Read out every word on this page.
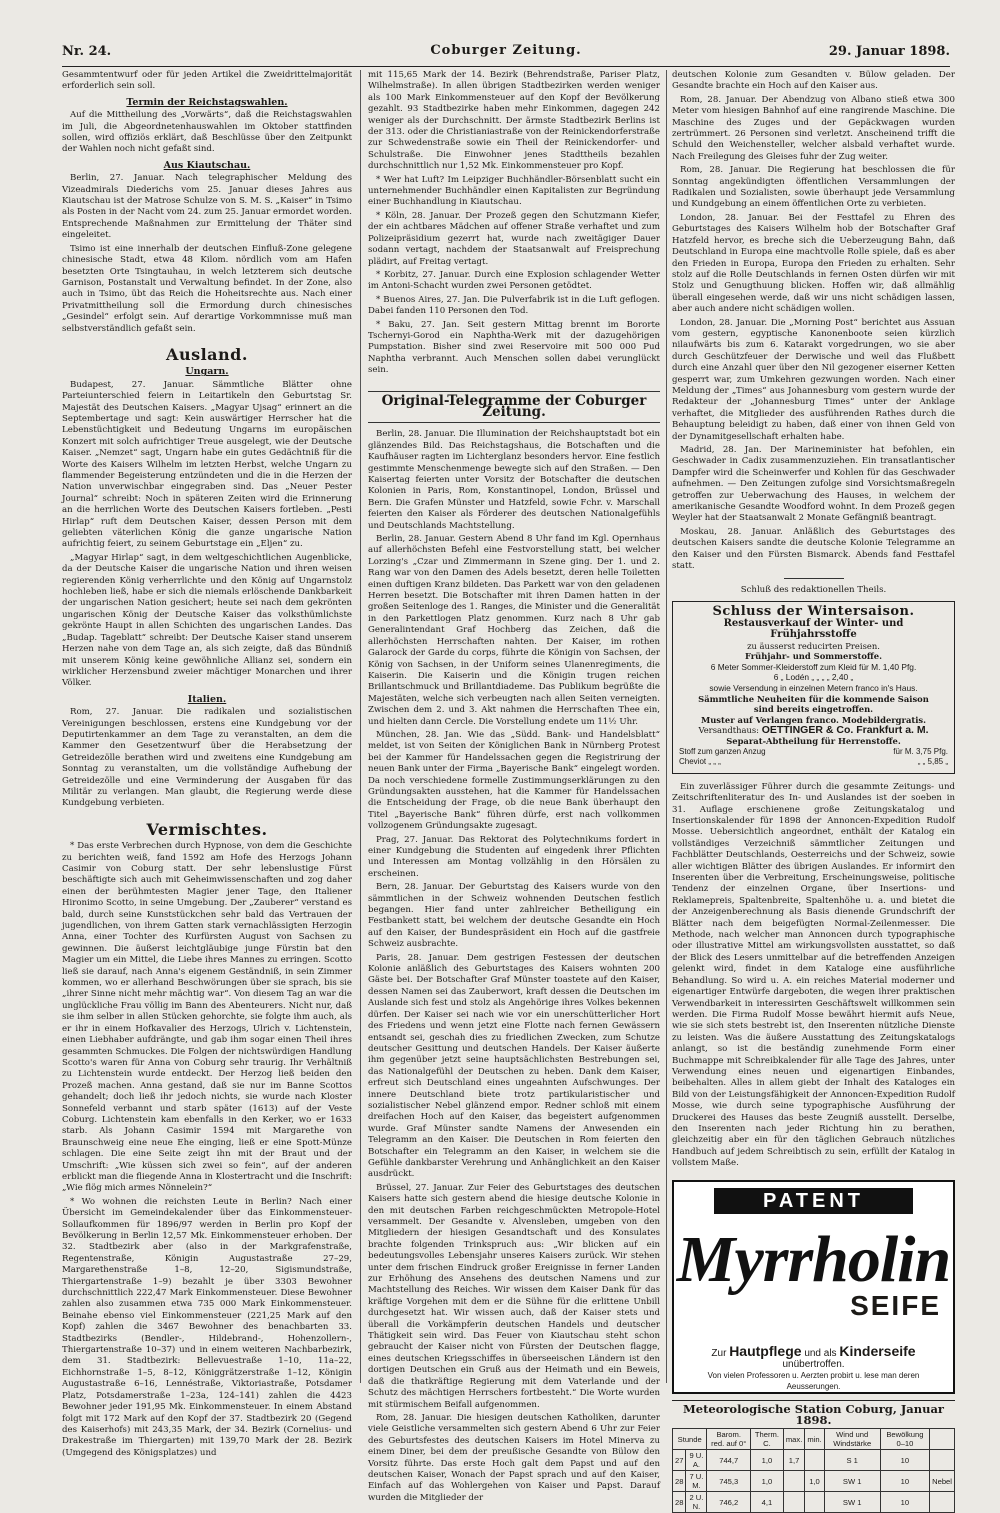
Nr. 24.	Coburger Zeitung.	29. Januar 1898.

Gesammtentwurf oder für jeden Artikel die Zweidrittelmajorität erforderlich sein soll.

Termin der Reichstagswahlen.

Auf die Mittheilung des „Vorwärts“, daß die Reichstagswahlen im Juli, die Abgeordnetenhauswahlen im Oktober stattfinden sollen, wird offiziös erklärt, daß Beschlüsse über den Zeitpunkt der Wahlen noch nicht gefaßt sind.

Aus Kiautschau.

Berlin, 27. Januar. Nach telegraphischer Meldung des Vizeadmirals Diederichs vom 25. Januar dieses Jahres aus Kiautschau ist der Matrose Schulze von S. M. S. „Kaiser“ in Tsimo als Posten in der Nacht vom 24. zum 25. Januar ermordet worden. Entsprechende Maßnahmen zur Ermittelung der Thäter sind eingeleitet.

Tsimo ist eine innerhalb der deutschen Einfluß-Zone gelegene chinesische Stadt, etwa 48 Kilom. nördlich vom am Hafen besetzten Orte Tsingtauhau, in welch letzterem sich deutsche Garnison, Postanstalt und Verwaltung befindet. In der Zone, also auch in Tsimo, übt das Reich die Hoheitsrechte aus. Nach einer Privatmittheilung soll die Ermordung durch chinesisches „Gesindel“ erfolgt sein. Auf derartige Vorkommnisse muß man selbstverständlich gefaßt sein.

Ausland.
Ungarn.

Budapest, 27. Januar. Sämmtliche Blätter ohne Parteiunterschied feiern in Leitartikeln den Geburtstag Sr. Majestät des Deutschen Kaisers. „Magyar Ujsag“ erinnert an die Septembertage und sagt: Kein auswärtiger Herrscher hat die Lebenstüchtigkeit und Bedeutung Ungarns im europäischen Konzert mit solch aufrichtiger Treue ausgelegt, wie der Deutsche Kaiser. „Nemzet“ sagt, Ungarn habe ein gutes Gedächtniß für die Worte des Kaisers Wilhelm im letzten Herbst, welche Ungarn zu flammender Begeisterung entzündeten und die in die Herzen der Nation unverwischbar eingegraben sind. Das „Neuer Pester Journal“ schreibt: Noch in späteren Zeiten wird die Erinnerung an die herrlichen Worte des Deutschen Kaisers fortleben. „Pesti Hirlap“ ruft dem Deutschen Kaiser, dessen Person mit dem geliebten väterlichen König die ganze ungarische Nation aufrichtig feiert, zu seinem Geburtstage ein „Eljen“ zu.

„Magyar Hirlap“ sagt, in dem weltgeschichtlichen Augenblicke, da der Deutsche Kaiser die ungarische Nation und ihren weisen regierenden König verherrlichte und den König auf Ungarnstolz hochleben ließ, habe er sich die niemals erlöschende Dankbarkeit der ungarischen Nation gesichert; heute sei nach dem gekrönten ungarischen König der Deutsche Kaiser das volksthümlichste gekrönte Haupt in allen Schichten des ungarischen Landes. Das „Budap. Tageblatt“ schreibt: Der Deutsche Kaiser stand unserem Herzen nahe von dem Tage an, als sich zeigte, daß das Bündniß mit unserem König keine gewöhnliche Allianz sei, sondern ein wirklicher Herzensbund zweier mächtiger Monarchen und ihrer Völker.

Italien.

Rom, 27. Januar. Die radikalen und sozialistischen Vereinigungen beschlossen, erstens eine Kundgebung vor der Deputirtenkammer an dem Tage zu veranstalten, an dem die Kammer den Gesetzentwurf über die Herabsetzung der Getreidezölle berathen wird und zweitens eine Kundgebung am Sonntag zu veranstalten, um die vollständige Aufhebung der Getreidezölle und eine Verminderung der Ausgaben für das Militär zu verlangen. Man glaubt, die Regierung werde diese Kundgebung verbieten.

Vermischtes.

* Das erste Verbrechen durch Hypnose, von dem die Geschichte zu berichten weiß, fand 1592 am Hofe des Herzogs Johann Casimir von Coburg statt. Der sehr lebenslustige Fürst beschäftigte sich auch mit Geheimwissenschaften und zog daher einen der berühmtesten Magier jener Tage, den Italiener Hironimo Scotto, in seine Umgebung. Der „Zauberer“ verstand es bald, durch seine Kunststückchen sehr bald das Vertrauen der jugendlichen, von ihrem Gatten stark vernachlässigten Herzogin Anna, einer Tochter des Kurfürsten August von Sachsen zu gewinnen. Die äußerst leichtgläubige junge Fürstin bat den Magier um ein Mittel, die Liebe ihres Mannes zu erringen. Scotto ließ sie darauf, nach Anna's eigenem Geständniß, in sein Zimmer kommen, wo er allerhand Beschwörungen über sie sprach, bis sie „ihrer Sinne nicht mehr mächtig war“. Von diesem Tag an war die unglückliche Frau völlig im Bann des Abenteurers. Nicht nur, daß sie ihm selber in allen Stücken gehorchte, sie folgte ihm auch, als er ihr in einem Hofkavalier des Herzogs, Ulrich v. Lichtenstein, einen Liebhaber aufdrängte, und gab ihm sogar einen Theil ihres gesammten Schmuckes. Die Folgen der nichtswürdigen Handlung Scotto's waren für Anna von Coburg sehr traurig. Ihr Verhältniß zu Lichtenstein wurde entdeckt. Der Herzog ließ beiden den Prozeß machen. Anna gestand, daß sie nur im Banne Scottos gehandelt; doch ließ ihr jedoch nichts, sie wurde nach Kloster Sonnefeld verbannt und starb später (1613) auf der Veste Coburg. Lichtenstein kam ebenfalls in den Kerker, wo er 1633 starb. Als Johann Casimir 1594 mit Margarethe von Braunschweig eine neue Ehe einging, ließ er eine Spott-Münze schlagen. Die eine Seite zeigt ihn mit der Braut und der Umschrift: „Wie küssen sich zwei so fein“, auf der anderen erblickt man die fliegende Anna in Klostertracht und die Inschrift: „Wie flög mich armes Nönnelein?“

* Wo wohnen die reichsten Leute in Berlin? Nach einer Übersicht im Gemeindekalender über das Einkommensteuer-Sollaufkommen für 1896/97 werden in Berlin pro Kopf der Bevölkerung in Berlin 12,57 Mk. Einkommensteuer erhoben. Der 32. Stadtbezirk aber (also in der Markgrafenstraße, Regentenstraße, Königin Augustastraße 27–29, Margarethenstraße 1–8, 12–20, Sigismundstraße, Thiergartenstraße 1–9) bezahlt je über 3303 Bewohner durchschnittlich 222,47 Mark Einkommensteuer. Diese Bewohner zahlen also zusammen etwa 735 000 Mark Einkommensteuer. Beinahe ebenso viel Einkommensteuer (221,25 Mark auf den Kopf) zahlen die 3467 Bewohner des benachbarten 33. Stadtbezirks (Bendler-, Hildebrand-, Hohenzollern-, Thiergartenstraße 10–37) und in einem weiteren Nachbarbezirk, dem 31. Stadtbezirk: Bellevuestraße 1–10, 11a–22, Eichhornstraße 1–5, 8–12, Königgrätzerstraße 1–12, Königin Augustastraße 6–16, Lennéstraße, Viktoriastraße, Potsdamer Platz, Potsdamerstraße 1–23a, 124–141) zahlen die 4423 Bewohner jeder 191,95 Mk. Einkommensteuer. In einem Abstand folgt mit 172 Mark auf den Kopf der 37. Stadtbezirk 20 (Gegend des Kaiserhofs) mit 243,35 Mark, der 34. Bezirk (Cornelius- und Drakestraße im Thiergarten) mit 139,70 Mark der 28. Bezirk (Umgegend des Königsplatzes) und

mit 115,65 Mark der 14. Bezirk (Behrendstraße, Pariser Platz, Wilhelmstraße). In allen übrigen Stadtbezirken werden weniger als 100 Mark Einkommensteuer auf den Kopf der Bevölkerung gezahlt. 93 Stadtbezirke haben mehr Einkommen, dagegen 242 weniger als der Durchschnitt. Der ärmste Stadtbezirk Berlins ist der 313. oder die Christianiastraße von der Reinickendorferstraße zur Schwedenstraße sowie ein Theil der Reinickendorfer- und Schulstraße. Die Einwohner jenes Stadttheils bezahlen durchschnittlich nur 1,52 Mk. Einkommensteuer pro Kopf.

* Wer hat Luft? Im Leipziger Buchhändler-Börsenblatt sucht ein unternehmender Buchhändler einen Kapitalisten zur Begründung einer Buchhandlung in Kiautschau.

* Köln, 28. Januar. Der Prozeß gegen den Schutzmann Kiefer, der ein achtbares Mädchen auf offener Straße verhaftet und zum Polizeipräsidium gezerrt hat, wurde nach zweitägiger Dauer sodann vertagt, nachdem der Staatsanwalt auf Freisprechung plädirt, auf Freitag vertagt.

* Korbitz, 27. Januar. Durch eine Explosion schlagender Wetter im Antoni-Schacht wurden zwei Personen getödtet.

* Buenos Aires, 27. Jan. Die Pulverfabrik ist in die Luft geflogen. Dabei fanden 110 Personen den Tod.

* Baku, 27. Jan. Seit gestern Mittag brennt im Bororte Tschernyi-Gorod ein Naphtha-Werk mit der dazugehörigen Pumpstation. Bisher sind zwei Reservoire mit 500 000 Pud Naphtha verbrannt. Auch Menschen sollen dabei verunglückt sein.

Original-Telegramme der Coburger Zeitung.

Berlin, 28. Januar. Die Illumination der Reichshauptstadt bot ein glänzendes Bild. Das Reichstagshaus, die Botschaften und die Kaufhäuser ragten im Lichterglanz besonders hervor. Eine festlich gestimmte Menschenmenge bewegte sich auf den Straßen. — Den Kaisertag feierten unter Vorsitz der Botschafter die deutschen Kolonien in Paris, Rom, Konstantinopel, London, Brüssel und Bern. Die Grafen Münster und Hatzfeld, sowie Fchr. v. Marschall feierten den Kaiser als Förderer des deutschen Nationalgefühls und Deutschlands Machtstellung.

Berlin, 28. Januar. Gestern Abend 8 Uhr fand im Kgl. Opernhaus auf allerhöchsten Befehl eine Festvorstellung statt, bei welcher Lorzing's „Czar und Zimmermann in Szene ging. Der 1. und 2. Rang war von den Damen des Adels besetzt, deren helle Toiletten einen duftigen Kranz bildeten. Das Parkett war von den geladenen Herren besetzt. Die Botschafter mit ihren Damen hatten in der großen Seitenloge des 1. Ranges, die Minister und die Generalität in den Parkettlogen Platz genommen. Kurz nach 8 Uhr gab Generalintendant Graf Hochberg das Zeichen, daß die allerhöchsten Herrschaften nahten. Der Kaiser, im rothen Galarock der Garde du corps, führte die Königin von Sachsen, der König von Sachsen, in der Uniform seines Ulanenregiments, die Kaiserin. Die Kaiserin und die Königin trugen reichen Brillantschmuck und Brillantdiademe. Das Publikum begrüßte die Majestäten, welche sich verbeugten nach allen Seiten verneigten. Zwischen dem 2. und 3. Akt nahmen die Herrschaften Thee ein, und hielten dann Cercle. Die Vorstellung endete um 11½ Uhr.

München, 28. Jan. Wie das „Südd. Bank- und Handelsblatt“ meldet, ist von Seiten der Königlichen Bank in Nürnberg Protest bei der Kammer für Handelssachen gegen die Registrirung der neuen Bank unter der Firma „Bayerische Bank“ eingelegt worden. Da noch verschiedene formelle Zustimmungserklärungen zu den Gründungsakten ausstehen, hat die Kammer für Handelssachen die Entscheidung der Frage, ob die neue Bank überhaupt den Titel „Bayerische Bank“ führen dürfe, erst nach vollkommen vollzogenem Gründungsakte zugesagt.

Prag, 27. Januar. Das Rektorat des Polytechnikums fordert in einer Kundgebung die Studenten auf eingedenk ihrer Pflichten und Interessen am Montag vollzählig in den Hörsälen zu erscheinen.

Bern, 28. Januar. Der Geburtstag des Kaisers wurde von den sämmtlichen in der Schweiz wohnenden Deutschen festlich begangen. Hier fand unter zahlreicher Betheiligung ein Festbankett statt, bei welchem der deutsche Gesandte ein Hoch auf den Kaiser, der Bundespräsident ein Hoch auf die gastfreie Schweiz ausbrachte.

Paris, 28. Januar. Dem gestrigen Festessen der deutschen Kolonie anläßlich des Geburtstages des Kaisers wohnten 200 Gäste bei. Der Botschafter Graf Münster toastete auf den Kaiser, dessen Namen sei das Zauberwort, kraft dessen die Deutschen im Auslande sich fest und stolz als Angehörige ihres Volkes bekennen dürfen. Der Kaiser sei nach wie vor ein unerschütterlicher Hort des Friedens und wenn jetzt eine Flotte nach fernen Gewässern entsandt sei, geschah dies zu friedlichen Zwecken, zum Schutze deutscher Gesittung und deutschen Handels. Der Kaiser äußerte ihm gegenüber jetzt seine hauptsächlichsten Bestrebungen sei, das Nationalgefühl der Deutschen zu heben. Dank dem Kaiser, erfreut sich Deutschland eines ungeahnten Aufschwunges. Der innere Deutschland biete trotz partikularistischer und sozialistischer Nebel glänzend empor. Redner schloß mit einem dreifachen Hoch auf den Kaiser, das begeistert aufgenommen wurde. Graf Münster sandte Namens der Anwesenden ein Telegramm an den Kaiser. Die Deutschen in Rom feierten den Botschafter ein Telegramm an den Kaiser, in welchem sie die Gefühle dankbarster Verehrung und Anhänglichkeit an den Kaiser ausdrückt.

Brüssel, 27. Januar. Zur Feier des Geburtstages des deutschen Kaisers hatte sich gestern abend die hiesige deutsche Kolonie in den mit deutschen Farben reichgeschmückten Metropole-Hotel versammelt. Der Gesandte v. Alvensleben, umgeben von den Mitgliedern der hiesigen Gesandtschaft und des Konsulates brachte folgenden Trinkspruch aus: „Wir blicken auf ein bedeutungsvolles Lebensjahr unseres Kaisers zurück. Wir stehen unter dem frischen Eindruck großer Ereignisse in ferner Landen zur Erhöhung des Ansehens des deutschen Namens und zur Machtstellung des Reiches. Wir wissen dem Kaiser Dank für das kräftige Vorgehen mit dem er die Sühne für die erlittene Unbill durchgesetzt hat. Wir wissen auch, daß der Kaiser stets und überall die Vorkämpferin deutschen Handels und deutscher Thätigkeit sein wird. Das Feuer von Kiautschau steht schon gebraucht der Kaiser nicht von Fürsten der Deutschen flagge, eines deutschen Kriegsschiffes in überseeischen Ländern ist den dortigen Deutschen ein Gruß aus der Heimath und ein Beweis, daß die thatkräftige Regierung mit dem Vaterlande und der Schutz des mächtigen Herrschers fortbesteht.“ Die Worte wurden mit stürmischem Beifall aufgenommen.

Rom, 28. Januar. Die hiesigen deutschen Katholiken, darunter viele Geistliche versammelten sich gestern Abend 6 Uhr zur Feier des Geburtsfestes des deutschen Kaisers im Hotel Minerva zu einem Diner, bei dem der preußische Gesandte von Bülow den Vorsitz führte. Das erste Hoch galt dem Papst und auf den deutschen Kaiser, Wonach der Papst sprach und auf den Kaiser, Einfach auf das Wohlergehen von Kaiser und Papst. Darauf wurden die Mitglieder der

deutschen Kolonie zum Gesandten v. Bülow geladen. Der Gesandte brachte ein Hoch auf den Kaiser aus.

Rom, 28. Januar. Der Abendzug von Albano stieß etwa 300 Meter vom hiesigen Bahnhof auf eine rangirende Maschine. Die Maschine des Zuges und der Gepäckwagen wurden zertrümmert. 26 Personen sind verletzt. Anscheinend trifft die Schuld den Weichensteller, welcher alsbald verhaftet wurde. Nach Freilegung des Gleises fuhr der Zug weiter.

Rom, 28. Januar. Die Regierung hat beschlossen die für Sonntag angekündigten öffentlichen Versammlungen der Radikalen und Sozialisten, sowie überhaupt jede Versammlung und Kundgebung an einem öffentlichen Orte zu verbieten.

London, 28. Januar. Bei der Festtafel zu Ehren des Geburtstages des Kaisers Wilhelm hob der Botschafter Graf Hatzfeld hervor, es breche sich die Ueberzeugung Bahn, daß Deutschland in Europa eine machtvolle Rolle spiele, daß es aber den Frieden in Europa, Europa den Frieden zu erhalten. Sehr stolz auf die Rolle Deutschlands in fernen Osten dürfen wir mit Stolz und Genugthuung blicken. Hoffen wir, daß allmählig überall eingesehen werde, daß wir uns nicht schädigen lassen, aber auch andere nicht schädigen wollen.

London, 28. Januar. Die „Morning Post“ berichtet aus Assuan vom gestern, egyptische Kanonenboote seien kürzlich nilaufwärts bis zum 6. Katarakt vorgedrungen, wo sie aber durch Geschützfeuer der Derwische und weil das Flußbett durch eine Anzahl quer über den Nil gezogener eiserner Ketten gesperrt war, zum Umkehren gezwungen worden. Nach einer Meldung der „Times“ aus Johannesburg vom gestern wurde der Redakteur der „Johannesburg Times“ unter der Anklage verhaftet, die Mitglieder des ausführenden Rathes durch die Behauptung beleidigt zu haben, daß einer von ihnen Geld von der Dynamitgesellschaft erhalten habe.

Madrid, 28. Jan. Der Marineminister hat befohlen, ein Geschwader in Cadix zusammenzuziehen. Ein transatlantischer Dampfer wird die Scheinwerfer und Kohlen für das Geschwader aufnehmen. — Den Zeitungen zufolge sind Vorsichtsmaßregeln getroffen zur Ueberwachung des Hauses, in welchem der amerikanische Gesandte Woodford wohnt. In dem Prozeß gegen Weyler hat der Staatsanwalt 2 Monate Gefängniß beantragt.

Moskau, 28. Januar. Anläßlich des Geburtstages des deutschen Kaisers sandte die deutsche Kolonie Telegramme an den Kaiser und den Fürsten Bismarck. Abends fand Festtafel statt.

Schluß des redaktionellen Theils.
Schluss der Wintersaison.
Restausverkauf der Winter- und Frühjahrsstoffe
zu äusserst reducirten Preisen.
Frühjahr- und Sommerstoffe.
6 Meter Sommer-Kleiderstoff zum Kleid für M. 1,40 Pfg.
6 „ Lodén „ „ „ „ 2,40 „
sowie Versendung in einzelnen Metern franco in's Haus.
Sämmtliche Neuheiten für die kommende Saison
sind bereits eingetroffen.
Muster auf Verlangen franco. Modebildergratis.
Versandthaus: OETTINGER & Co. Frankfurt a. M.
Separat-Abtheilung für Herrenstoffe.
Stoff zum ganzen Anzug	für M. 3,75 Pfg.
Cheviot „ „ „	„ „ 5,85 „

Ein zuverlässiger Führer durch die gesammte Zeitungs- und Zeitschriftenliteratur des In- und Auslandes ist der soeben in 31. Auflage erschienene große Zeitungskatalog und Insertionskalender für 1898 der Annoncen-Expedition Rudolf Mosse. Uebersichtlich angeordnet, enthält der Katalog ein vollständiges Verzeichniß sämmtlicher Zeitungen und Fachblätter Deutschlands, Oesterreichs und der Schweiz, sowie aller wichtigen Blätter des übrigen Auslandes. Er informirt den Inserenten über die Verbreitung, Erscheinungsweise, politische Tendenz der einzelnen Organe, über Insertions- und Reklamepreis, Spaltenbreite, Spaltenhöhe u. a. und bietet die der Anzeigenberechnung als Basis dienende Grundschrift der Blätter nach dem beigefügten Normal-Zeilenmesser. Die Methode, nach welcher man Annoncen durch typographische oder illustrative Mittel am wirkungsvollsten ausstattet, so daß der Blick des Lesers unmittelbar auf die betreffenden Anzeigen gelenkt wird, findet in dem Kataloge eine ausführliche Behandlung. So wird u. A. ein reiches Material moderner und eigenartiger Entwürfe dargeboten, die wegen ihrer praktischen Verwendbarkeit in interessirten Geschäftswelt willkommen sein werden. Die Firma Rudolf Mosse bewährt hiermit aufs Neue, wie sie sich stets bestrebt ist, den Inserenten nützliche Dienste zu leisten. Was die äußere Ausstattung des Zeitungskatalogs anlangt, so ist die beständig zunehmende Form einer Buchmappe mit Schreibkalender für alle Tage des Jahres, unter Verwendung eines neuen und eigenartigen Einbandes, beibehalten. Alles in allem giebt der Inhalt des Kataloges ein Bild von der Leistungsfähigkeit der Annoncen-Expedition Rudolf Mosse, wie durch seine typographische Ausführung der Druckerei des Hauses das beste Zeugniß ausstellt. Derselbe, den Inserenten nach jeder Richtung hin zu berathen, gleichzeitig aber ein für den täglichen Gebrauch nützliches Handbuch auf jedem Schreibtisch zu sein, erfüllt der Katalog in vollstem Maße.

PATENT
Myrrholin
SEIFE
Zur Hautpflege und als Kinderseife unübertroffen.
Von vielen Professoren u. Aerzten probirt u. lese man deren Aeusserungen.
Meteorologische Station Coburg, Januar 1898.
Stunde		Barom. red. auf 0°	Therm. C.	max.	min.	Wind und Windstärke	Bewölkung 0–10	
27	9 U. A.	744,7	1,0	1,7		S 1	10	
28	7 U. M.	745,3	1,0		1,0	SW 1	10	Nebel
28	2 U. N.	746,2	4,1			SW 1	10	
